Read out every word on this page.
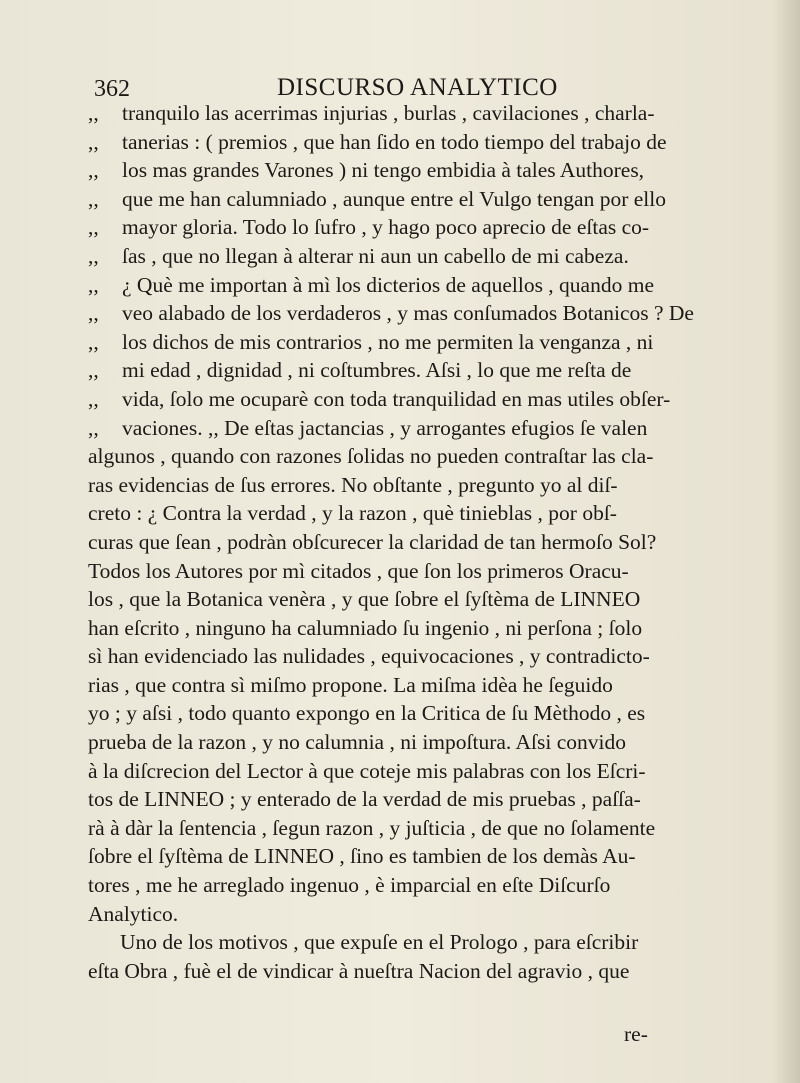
362	DISCURSO ANALYTICO
,,	tranquilo las acerrimas injurias , burlas , cavilaciones , charla-
,,	tanerias : ( premios , que han ſido en todo tiempo del trabajo de
,,	los mas grandes Varones ) ni tengo embidia à tales Authores,
,,	que me han calumniado , aunque entre el Vulgo tengan por ello
,,	mayor gloria. Todo lo ſufro , y hago poco aprecio de eſtas co-
,,	ſas , que no llegan à alterar ni aun un cabello de mi cabeza.
,,	¿ Què me importan à mì los dicterios de aquellos , quando me
,,	veo alabado de los verdaderos , y mas conſumados Botanicos ? De
,,	los dichos de mis contrarios , no me permiten la venganza , ni
,,	mi edad , dignidad , ni coſtumbres. Aſsi , lo que me reſta de
,,	vida, ſolo me ocuparè con toda tranquilidad en mas utiles obſer-
,,	vaciones. ,, De eſtas jactancias , y arrogantes efugios ſe valen
algunos , quando con razones ſolidas no pueden contraſtar las cla-
ras evidencias de ſus errores. No obſtante , pregunto yo al diſ-
creto : ¿ Contra la verdad , y la razon , què tinieblas , por obſ-
curas que ſean , podràn obſcurecer la claridad de tan hermoſo Sol?
Todos los Autores por mì citados , que ſon los primeros Oracu-
los , que la Botanica venèra , y que ſobre el ſyſtèma de LINNEO
han eſcrito , ninguno ha calumniado ſu ingenio , ni perſona ; ſolo
sì han evidenciado las nulidades , equivocaciones , y contradicto-
rias , que contra sì miſmo propone. La miſma idèa he ſeguido
yo ; y aſsi , todo quanto expongo en la Critica de ſu Mèthodo , es
prueba de la razon , y no calumnia , ni impoſtura. Aſsi convido
à la diſcrecion del Lector à que coteje mis palabras con los Eſcri-
tos de LINNEO ; y enterado de la verdad de mis pruebas , paſſa-
rà à dàr la ſentencia , ſegun razon , y juſticia , de que no ſolamente
ſobre el ſyſtèma de LINNEO , ſino es tambien de los demàs Au-
tores , me he arreglado ingenuo , è imparcial en eſte Diſcurſo
Analytico.
Uno de los motivos , que expuſe en el Prologo , para eſcribir
eſta Obra , fuè el de vindicar à nueſtra Nacion del agravio , que
re-
